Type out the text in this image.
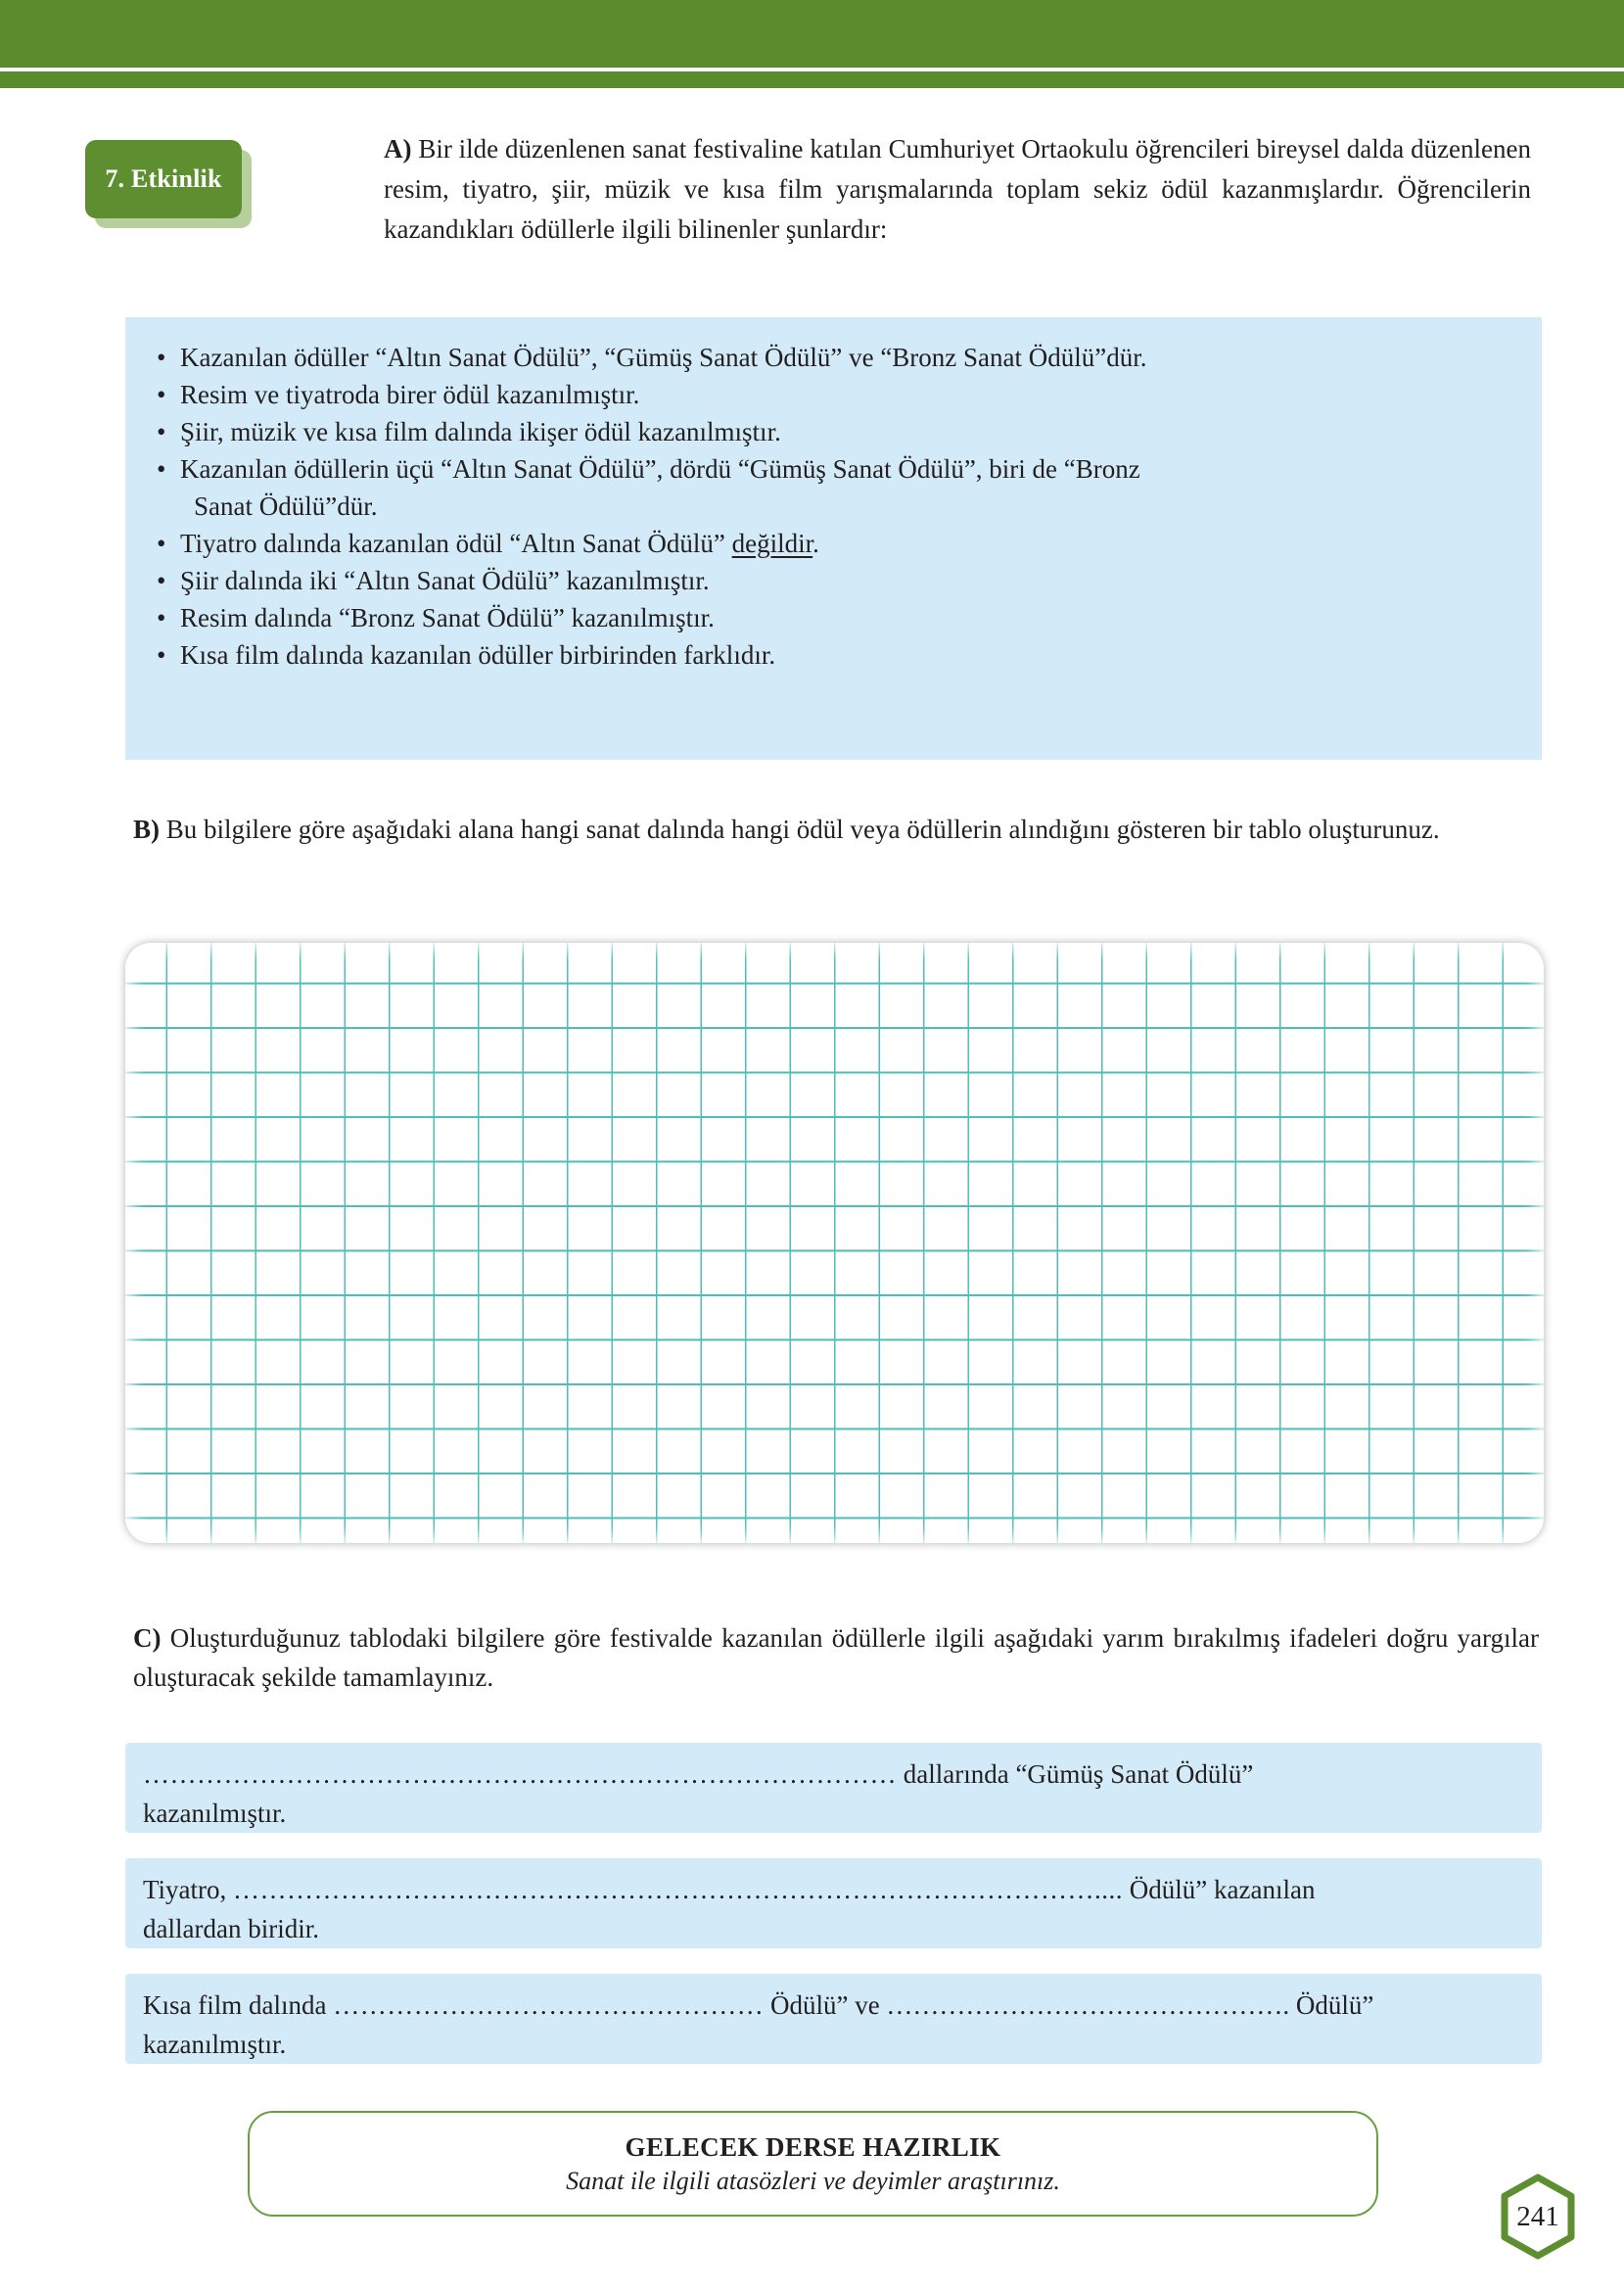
7. Etkinlik
A) Bir ilde düzenlenen sanat festivaline katılan Cumhuriyet Ortaokulu öğrencileri bireysel dalda düzenlenen resim, tiyatro, şiir, müzik ve kısa film yarışmalarında toplam sekiz ödül kazanmışlardır. Öğrencilerin kazandıkları ödüllerle ilgili bilinenler şunlardır:
• Kazanılan ödüller “Altın Sanat Ödülü”, “Gümüş Sanat Ödülü” ve “Bronz Sanat Ödülü”dür.
• Resim ve tiyatroda birer ödül kazanılmıştır.
• Şiir, müzik ve kısa film dalında ikişer ödül kazanılmıştır.
• Kazanılan ödüllerin üçü “Altın Sanat Ödülü”, dördü “Gümüş Sanat Ödülü”, biri de “Bronz
Sanat Ödülü”dür.
• Tiyatro dalında kazanılan ödül “Altın Sanat Ödülü” değildir.
• Şiir dalında iki “Altın Sanat Ödülü” kazanılmıştır.
• Resim dalında “Bronz Sanat Ödülü” kazanılmıştır.
• Kısa film dalında kazanılan ödüller birbirinden farklıdır.
B) Bu bilgilere göre aşağıdaki alana hangi sanat dalında hangi ödül veya ödüllerin alındığını gösteren bir tablo oluşturunuz.
C) Oluşturduğunuz tablodaki bilgilere göre festivalde kazanılan ödüllerle ilgili aşağıdaki yarım bırakılmış ifadeleri doğru yargılar oluşturacak şekilde tamamlayınız.
………………………………………………………………………… dallarında “Gümüş Sanat Ödülü”
kazanılmıştır.
Tiyatro, …………………………………………………………………………………….... Ödülü” kazanılan
dallardan biridir.
Kısa film dalında ………………………………………… Ödülü” ve ………………………………………. Ödülü”
kazanılmıştır.
GELECEK DERSE HAZIRLIK
Sanat ile ilgili atasözleri ve deyimler araştırınız.
241
